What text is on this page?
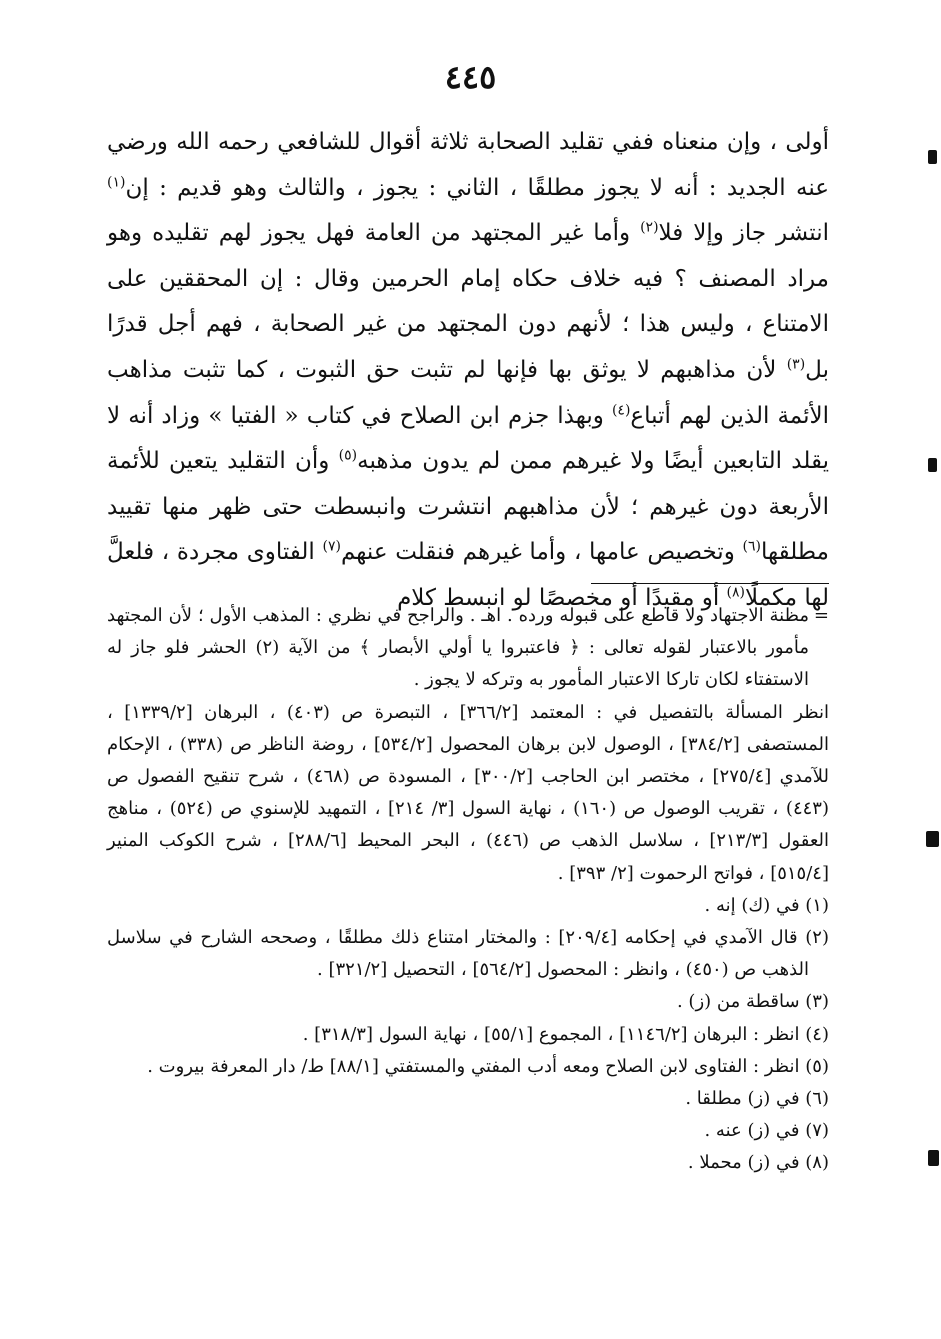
٤٤٥

أولى ، وإن منعناه ففي تقليد الصحابة ثلاثة أقوال للشافعي رحمه الله ورضي عنه الجديد : أنه لا يجوز مطلقًا ، الثاني : يجوز ، والثالث وهو قديم : إن$^{(١)}$ انتشر جاز وإلا فلا$^{(٢)}$ وأما غير المجتهد من العامة فهل يجوز لهم تقليده وهو مراد المصنف ؟ فيه خلاف حكاه إمام الحرمين وقال : إن المحققين على الامتناع ، وليس هذا ؛ لأنهم دون المجتهد من غير الصحابة ، فهم أجل قدرًا بل$^{(٣)}$ لأن مذاهبهم لا يوثق بها فإنها لم تثبت حق الثبوت ، كما تثبت مذاهب الأئمة الذين لهم أتباع$^{(٤)}$ وبهذا جزم ابن الصلاح في كتاب « الفتيا » وزاد أنه لا يقلد التابعين أيضًا ولا غيرهم ممن لم يدون مذهبه$^{(٥)}$ وأن التقليد يتعين للأئمة الأربعة دون غيرهم ؛ لأن مذاهبهم انتشرت وانبسطت حتى ظهر منها تقييد مطلقها$^{(٦)}$ وتخصيص عامها ، وأما غيرهم فنقلت عنهم$^{(٧)}$ الفتاوى مجردة ، فلعلَّ لها مكملًا$^{(٨)}$ أو مقيدًا أو مخصصًا لو انبسط كلام

=
مظنة الاجتهاد ولا قاطع على قبوله ورده . اهـ . والراجح في نظري : المذهب الأول ؛ لأن المجتهد مأمور بالاعتبار لقوله تعالى : ﴿ فاعتبروا يا أولي الأبصار ﴾ من الآية (٢) الحشر فلو جاز له الاستفتاء لكان تاركا الاعتبار المأمور به وتركه لا يجوز .

انظر المسألة بالتفصيل في : المعتمد [٣٦٦/٢] ، التبصرة ص (٤٠٣) ، البرهان [١٣٣٩/٢] ، المستصفى [٣٨٤/٢] ، الوصول لابن برهان المحصول [٥٣٤/٢] ، روضة الناظر ص (٣٣٨) ، الإحكام للآمدي [٢٧٥/٤] ، مختصر ابن الحاجب [٣٠٠/٢] ، المسودة ص (٤٦٨) ، شرح تنقيح الفصول ص (٤٤٣) ، تقريب الوصول ص (١٦٠) ، نهاية السول [٣/ ٢١٤] ، التمهيد للإسنوي ص (٥٢٤) ، مناهج العقول [٢١٣/٣] ، سلاسل الذهب ص (٤٤٦) ، البحر المحيط [٢٨٨/٦] ، شرح الكوكب المنير [٥١٥/٤] ، فواتح الرحموت [٢/ ٣٩٣] .

(١) في (ك) إنه .

(٢) قال الآمدي في إحكامه [٢٠٩/٤] : والمختار امتناع ذلك مطلقًا ، وصححه الشارح في سلاسل الذهب ص (٤٥٠) ، وانظر : المحصول [٥٦٤/٢] ، التحصيل [٣٢١/٢] .

(٣) ساقطة من (ز) .

(٤) انظر : البرهان [١١٤٦/٢] ، المجموع [٥٥/١] ، نهاية السول [٣١٨/٣] .

(٥) انظر : الفتاوى لابن الصلاح ومعه أدب المفتي والمستفتي [٨٨/١] ط/ دار المعرفة بيروت .

(٦) في (ز) مطلقا .

(٧) في (ز) عنه .

(٨) في (ز) محملا .
